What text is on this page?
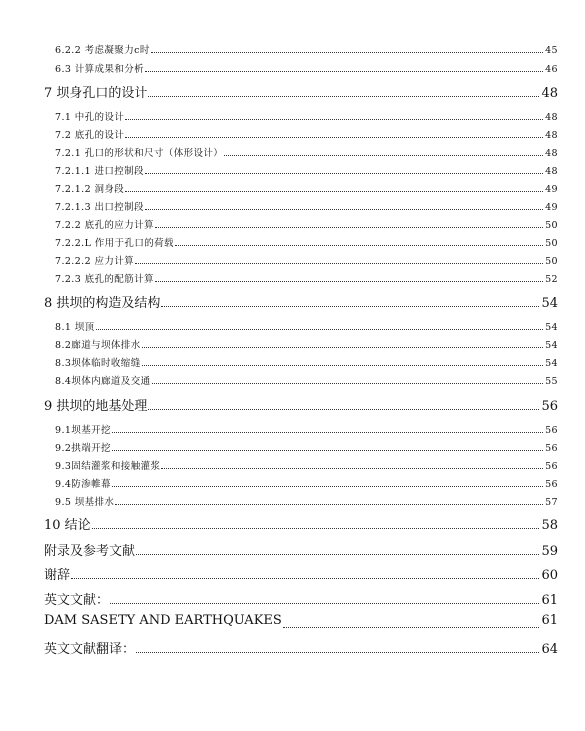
6.2.2 考虑凝聚力c时	45
6.3 计算成果和分析	46
7 坝身孔口的设计	48
7.1 中孔的设计	48
7.2 底孔的设计	48
7.2.1 孔口的形状和尺寸（体形设计）	48
7.2.1.1 进口控制段	48
7.2.1.2 洞身段	49
7.2.1.3 出口控制段	49
7.2.2 底孔的应力计算	50
7.2.2.L 作用于孔口的荷载	50
7.2.2.2 应力计算	50
7.2.3 底孔的配筋计算	52
8 拱坝的构造及结构	54
8.1 坝顶	54
8.2廊道与坝体排水	54
8.3坝体临时收缩缝	54
8.4坝体内廊道及交通	55
9 拱坝的地基处理	56
9.1坝基开挖	56
9.2拱端开挖	56
9.3固结灌浆和接触灌浆	56
9.4防渗帷幕	56
9.5 坝基排水	57
10 结论	58
附录及参考文献	59
谢辞	60
英文文献：	61
DAM SASETY AND EARTHQUAKES	61
英文文献翻译：	64
